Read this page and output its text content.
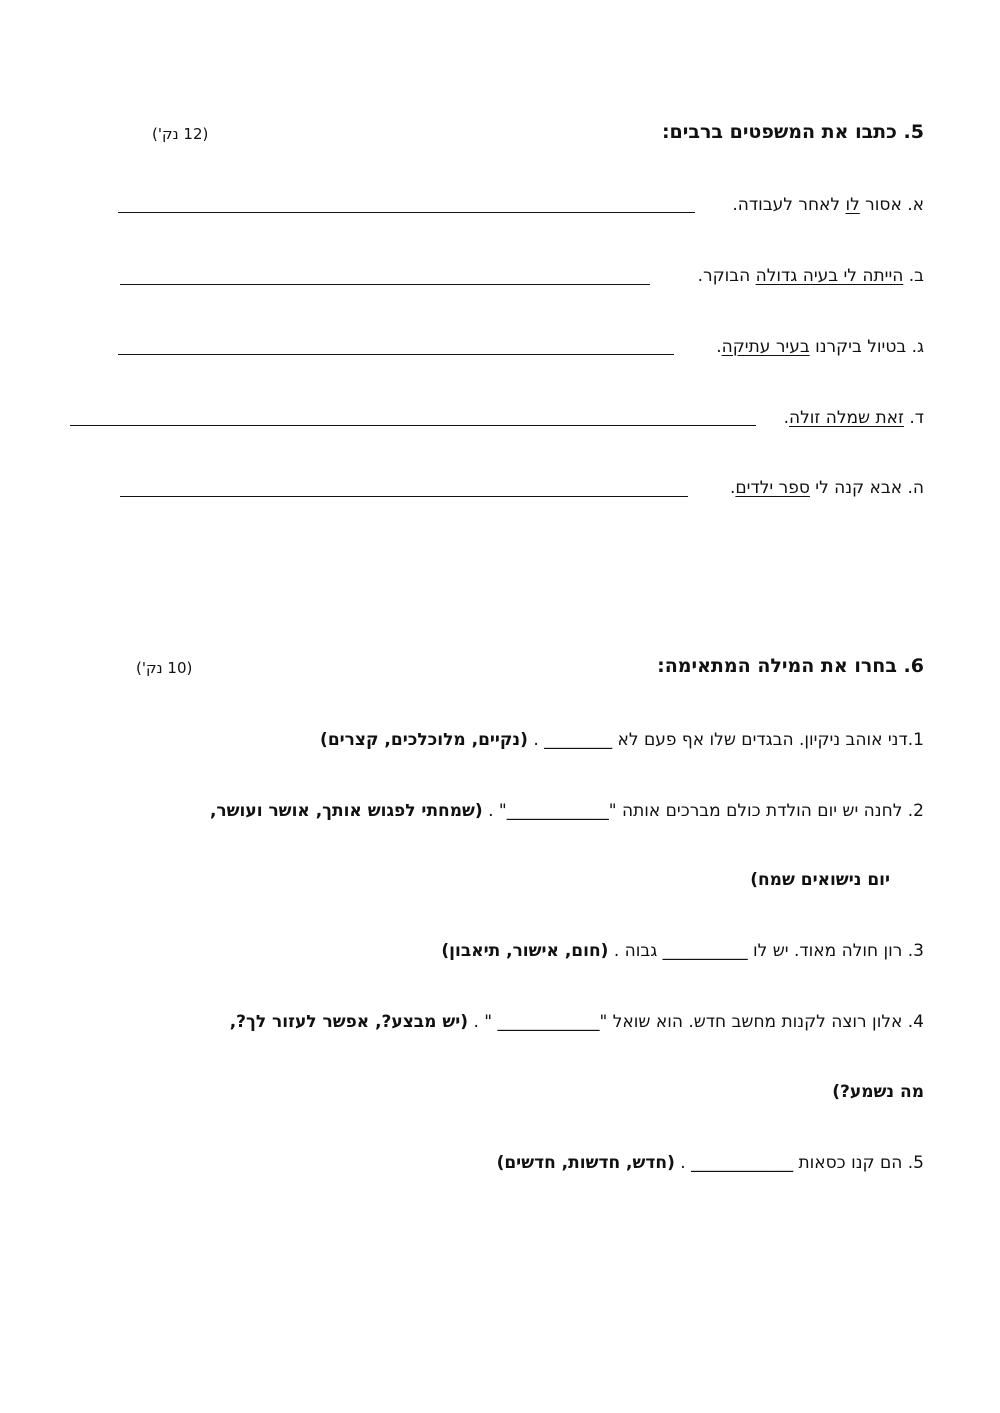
5. כתבו את המשפטים ברבים:
(12 נק')
א. אסור לו לאחר לעבודה.
ב. הייתה לי בעיה גדולה הבוקר.
ג. בטיול ביקרנו בעיר עתיקה.
ד. זאת שמלה זולה.
ה. אבא קנה לי ספר ילדים.
6. בחרו את המילה המתאימה:
(10 נק')
1.דני אוהב ניקיון. הבגדים שלו אף פעם לא ________ . (נקיים, מלוכלכים, קצרים)
2. לחנה יש יום הולדת כולם מברכים אותה "____________" . (שמחתי לפגוש אותך, אושר ועושר,
יום נישואים שמח)
3. רון חולה מאוד. יש לו __________ גבוה . (חום, אישור, תיאבון)
4. אלון רוצה לקנות מחשב חדש. הוא שואל "____________ " . (יש מבצע?, אפשר לעזור לך?,
מה נשמע?)
5. הם קנו כסאות ____________ . (חדש, חדשות, חדשים)
